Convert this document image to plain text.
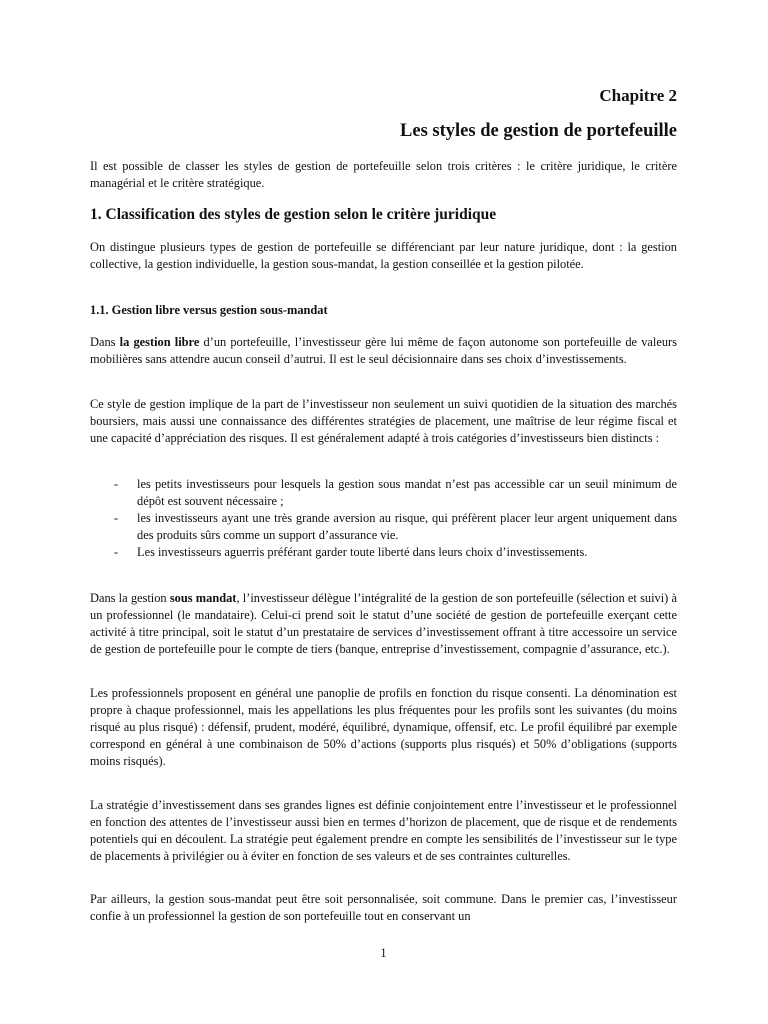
Chapitre 2
Les styles de gestion de portefeuille

Il est possible de classer les styles de gestion de portefeuille selon trois critères : le critère juridique, le critère managérial et le critère stratégique.

1. Classification des styles de gestion selon le critère juridique

On distingue plusieurs types de gestion de portefeuille se différenciant par leur nature juridique, dont : la gestion collective, la gestion individuelle, la gestion sous-mandat, la gestion conseillée et la gestion pilotée.

1.1. Gestion libre versus gestion sous-mandat

Dans la gestion libre d’un portefeuille, l’investisseur gère lui même de façon autonome son portefeuille de valeurs mobilières sans attendre aucun conseil d’autrui. Il est le seul décisionnaire dans ses choix d’investissements.

Ce style de gestion implique de la part de l’investisseur non seulement un suivi quotidien de la situation des marchés boursiers, mais aussi une connaissance des différentes stratégies de placement, une maîtrise de leur régime fiscal et une capacité d’appréciation des risques. Il est généralement adapté à trois catégories d’investisseurs bien distincts :

- les petits investisseurs pour lesquels la gestion sous mandat n’est pas accessible car un seuil minimum de dépôt est souvent nécessaire ;
- les investisseurs ayant une très grande aversion au risque, qui préfèrent placer leur argent uniquement dans des produits sûrs comme un support d’assurance vie.
- Les investisseurs aguerris préférant garder toute liberté dans leurs choix d’investissements.

Dans la gestion sous mandat, l’investisseur délègue l’intégralité de la gestion de son portefeuille (sélection et suivi) à un professionnel (le mandataire). Celui-ci prend soit le statut d’une société de gestion de portefeuille exerçant cette activité à titre principal, soit le statut d’un prestataire de services d’investissement offrant à titre accessoire un service de gestion de portefeuille pour le compte de tiers (banque, entreprise d’investissement, compagnie d’assurance, etc.).

Les professionnels proposent en général une panoplie de profils en fonction du risque consenti. La dénomination est propre à chaque professionnel, mais les appellations les plus fréquentes pour les profils sont les suivantes (du moins risqué au plus risqué) : défensif, prudent, modéré, équilibré, dynamique, offensif, etc. Le profil équilibré par exemple correspond en général à une combinaison de 50% d’actions (supports plus risqués) et 50% d’obligations (supports moins risqués).

La stratégie d’investissement dans ses grandes lignes est définie conjointement entre l’investisseur et le professionnel en fonction des attentes de l’investisseur aussi bien en termes d’horizon de placement, que de risque et de rendements potentiels qui en découlent. La stratégie peut également prendre en compte les sensibilités de l’investisseur sur le type de placements à privilégier ou à éviter en fonction de ses valeurs et de ses contraintes culturelles.

Par ailleurs, la gestion sous-mandat peut être soit personnalisée, soit commune. Dans le premier cas, l’investisseur confie à un professionnel la gestion de son portefeuille tout en conservant un

1
